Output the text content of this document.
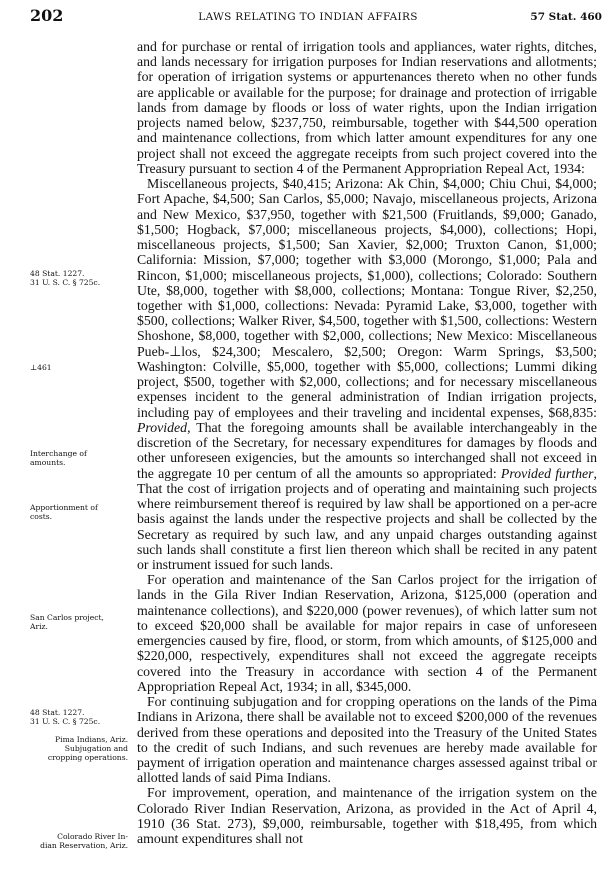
202	LAWS RELATING TO INDIAN AFFAIRS	57 Stat. 460
48 Stat. 1227.
31 U. S. C. § 725c.
⊥461
Interchange of
amounts.
Apportionment of
costs.
San Carlos project,
Ariz.
48 Stat. 1227.
31 U. S. C. § 725c.
Pima Indians, Ariz.
Subjugation and
cropping operations.
Colorado River In-
dian Reservation, Ariz.

and for purchase or rental of irrigation tools and appliances, water rights, ditches, and lands necessary for irrigation purposes for Indian reservations and allotments; for operation of irrigation systems or appurtenances thereto when no other funds are applicable or available for the purpose; for drainage and protection of irrigable lands from damage by floods or loss of water rights, upon the Indian irrigation projects named below, $237,750, reimbursable, together with $44,500 operation and maintenance collections, from which latter amount expenditures for any one project shall not exceed the aggregate receipts from such project covered into the Treasury pursuant to section 4 of the Permanent Appropriation Repeal Act, 1934:

Miscellaneous projects, $40,415; Arizona: Ak Chin, $4,000; Chiu Chui, $4,000; Fort Apache, $4,500; San Carlos, $5,000; Navajo, miscellaneous projects, Arizona and New Mexico, $37,950, together with $21,500 (Fruitlands, $9,000; Ganado, $1,500; Hogback, $7,000; miscellaneous projects, $4,000), collections; Hopi, miscellaneous projects, $1,500; San Xavier, $2,000; Truxton Canon, $1,000; California: Mission, $7,000; together with $3,000 (Morongo, $1,000; Pala and Rincon, $1,000; miscellaneous projects, $1,000), collections; Colorado: Southern Ute, $8,000, together with $8,000, collections; Montana: Tongue River, $2,250, together with $1,000, collections: Nevada: Pyramid Lake, $3,000, together with $500, collections; Walker River, $4,500, together with $1,500, collections: Western Shoshone, $8,000, together with $2,000, collections; New Mexico: Miscellaneous Pueb-⊥los, $24,300; Mescalero, $2,500; Oregon: Warm Springs, $3,500; Washington: Colville, $5,000, together with $5,000, collections; Lummi diking project, $500, together with $2,000, collections; and for necessary miscellaneous expenses incident to the general administration of Indian irrigation projects, including pay of employees and their traveling and incidental expenses, $68,835: Provided, That the foregoing amounts shall be available interchangeably in the discretion of the Secretary, for necessary expenditures for damages by floods and other unforeseen exigencies, but the amounts so interchanged shall not exceed in the aggregate 10 per centum of all the amounts so appropriated: Provided further, That the cost of irrigation projects and of operating and maintaining such projects where reimbursement thereof is required by law shall be apportioned on a per-acre basis against the lands under the respective projects and shall be collected by the Secretary as required by such law, and any unpaid charges outstanding against such lands shall constitute a first lien thereon which shall be recited in any patent or instrument issued for such lands.

For operation and maintenance of the San Carlos project for the irrigation of lands in the Gila River Indian Reservation, Arizona, $125,000 (operation and maintenance collections), and $220,000 (power revenues), of which latter sum not to exceed $20,000 shall be available for major repairs in case of unforeseen emergencies caused by fire, flood, or storm, from which amounts, of $125,000 and $220,000, respectively, expenditures shall not exceed the aggregate receipts covered into the Treasury in accordance with section 4 of the Permanent Appropriation Repeal Act, 1934; in all, $345,000.

For continuing subjugation and for cropping operations on the lands of the Pima Indians in Arizona, there shall be available not to exceed $200,000 of the revenues derived from these operations and deposited into the Treasury of the United States to the credit of such Indians, and such revenues are hereby made available for payment of irrigation operation and maintenance charges assessed against tribal or allotted lands of said Pima Indians.

For improvement, operation, and maintenance of the irrigation system on the Colorado River Indian Reservation, Arizona, as provided in the Act of April 4, 1910 (36 Stat. 273), $9,000, reimbursable, together with $18,495, from which amount expenditures shall not
